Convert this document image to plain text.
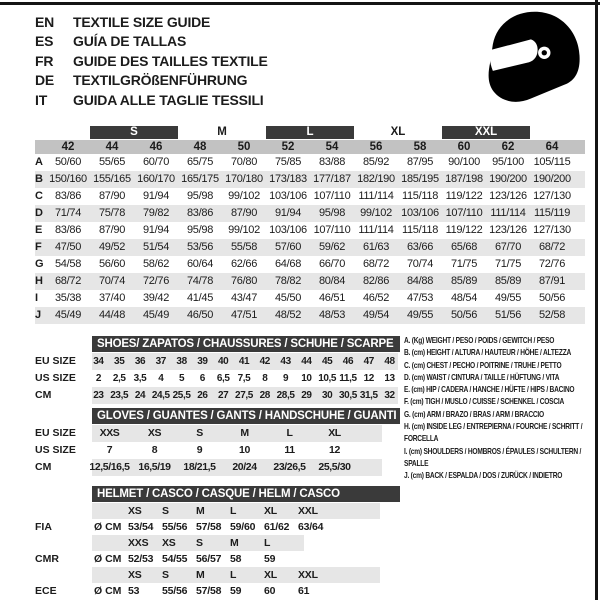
EN	TEXTILE SIZE GUIDE
ES	GUÍA DE TALLAS
FR	GUIDE DES TAILLES TEXTILE
DE	TEXTILGRÖßENFÜHRUNG
IT	GUIDA ALLE TAGLIE TESSILI
S	M	L	XL	XXL
42	44	46	48	50	52	54	56	58	60	62	64
A	50/60	55/65	60/70	65/75	70/80	75/85	83/88	85/92	87/95	90/100	95/100 105/115
B 150/160 155/165 160/170 165/175 170/180 173/183 177/187 182/190 185/195 187/198 190/200 190/200
C	83/86	87/90	91/94	95/98	99/102 103/106 107/110 111/114 115/118 119/122 123/126 127/130
D	71/74	75/78	79/82	83/86	87/90	91/94	95/98	99/102 103/106 107/110 111/114 115/119
E	83/86	87/90	91/94	95/98	99/102 103/106 107/110 111/114 115/118 119/122 123/126 127/130
F	47/50	49/52	51/54	53/56	55/58	57/60	59/62	61/63	63/66	65/68	67/70	68/72
G	54/58	56/60	58/62	60/64	62/66	64/68	66/70	68/72	70/74	71/75	71/75	72/76
H	68/72	70/74	72/76	74/78	76/80	78/82	80/84	82/86	84/88	85/89	85/89	87/91
I	35/38	37/40	39/42	41/45	43/47	45/50	46/51	46/52	47/53	48/54	49/55	50/56
J	45/49	44/48	45/49	46/50	47/51	48/52	48/53	49/54	49/55	50/56	51/56	52/58
SHOES/ ZAPATOS / CHAUSSURES / SCHUHE / SCARPE
EU SIZE	34	35	36	37	38	39	40	41	42	43	44	45	46	47	48
US SIZE	2	2,5 3,5	4	5	6	6,5 7,5	8	9	10 10,5 11,5 12	13
CM	23 23,5 24 24,5 25,5 26	27 27,5 28 28,5 29	30 30,5 31,5 32
GLOVES / GUANTES / GANTS / HANDSCHUHE / GUANTI
EU SIZE	XXS	XS	S	M	L	XL
US SIZE	7	8	9	10	11	12
CM	12,5/16,5 16,5/19	18/21,5	20/24	23/26,5	25,5/30
HELMET / CASCO / CASQUE / HELM / CASCO
XS	S	M	L	XL	XXL
FIA	Ø CM 53/54 55/56 57/58 59/60 61/62 63/64
XXS	XS	S	M	L
CMR	Ø CM 52/53 54/55 56/57 58	59
XS	S	M	L	XL	XXL
ECE	Ø CM 53	55/56 57/58 59	60	61
A. (Kg) WEIGHT / PESO / POIDS / GEWITCH / PESO
B. (cm) HEIGHT / ALTURA / HAUTEUR / HÖHE / ALTEZZA
C. (cm) CHEST / PECHO / POITRINE / TRUHE / PETTO
D. (cm) WAIST / CINTURA / TAILLE / HÜFTUNG / VITA
E. (cm) HIP / CADERA / HANCHE / HÜFTE / HIPS / BACINO
F. (cm) TIGH / MUSLO / CUISSE / SCHENKEL / COSCIA
G. (cm) ARM / BRAZO / BRAS / ARM / BRACCIO
H. (cm) INSIDE LEG / ENTREPIERNA / FOURCHE / SCHRITT / FORCELLA
I. (cm) SHOULDERS / HOMBROS / ÉPAULES / SCHULTERN / SPALLE
J. (cm) BACK / ESPALDA / DOS / ZURÜCK / INDIETRO
